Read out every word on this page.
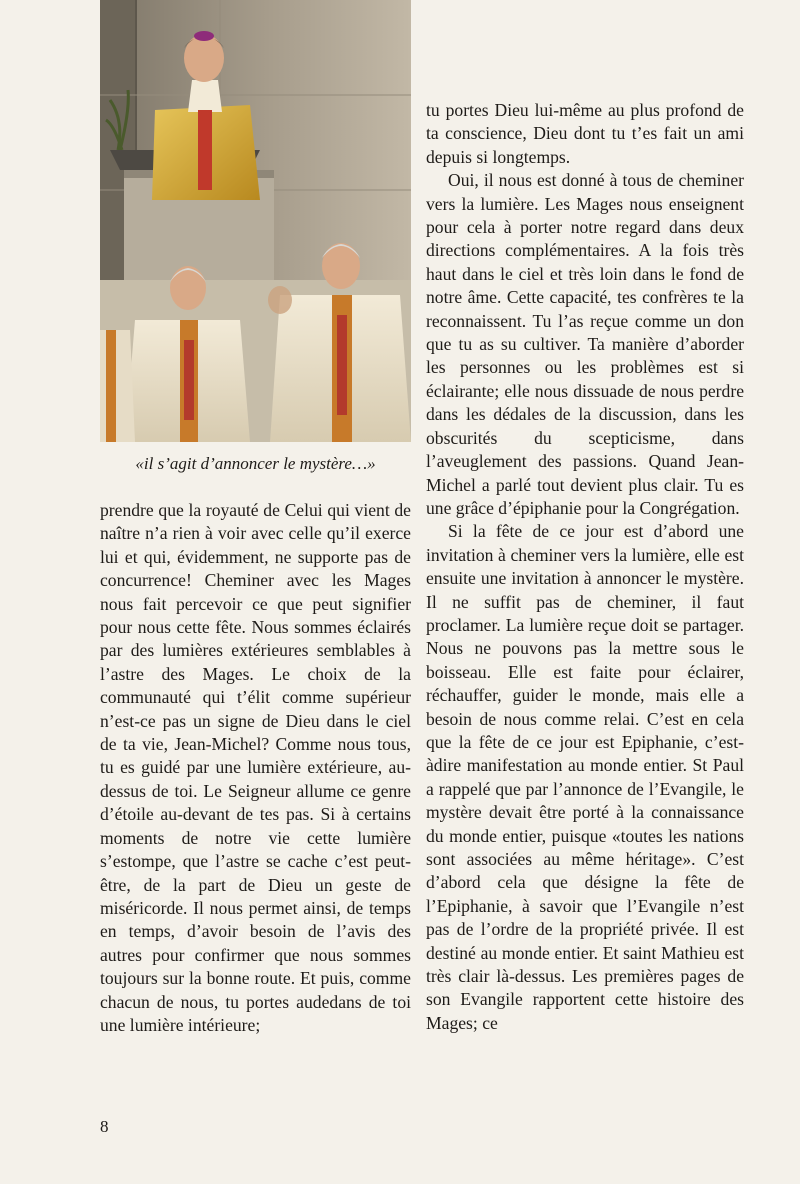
«il s’agit d’annoncer le mystère…»

prendre que la royauté de Celui qui vient de naître n’a rien à voir avec celle qu’il exerce lui et qui, évidemment, ne supporte pas de concurrence! Cheminer avec les Mages nous fait percevoir ce que peut signifier pour nous cette fête. Nous sommes éclairés par des lumières extérieures semblables à l’astre des Mages. Le choix de la communauté qui t’élit comme supérieur n’est-ce pas un signe de Dieu dans le ciel de ta vie, Jean-Michel? Comme nous tous, tu es guidé par une lumière extérieure, au-dessus de toi. Le Seigneur allume ce genre d’étoile au-devant de tes pas. Si à certains moments de notre vie cette lumière s’estompe, que l’astre se cache c’est peut-être, de la part de Dieu un geste de miséricorde. Il nous permet ainsi, de temps en temps, d’avoir besoin de l’avis des autres pour confirmer que nous sommes toujours sur la bonne route. Et puis, comme chacun de nous, tu portes audedans de toi une lumière intérieure;

tu portes Dieu lui-même au plus profond de ta conscience, Dieu dont tu t’es fait un ami depuis si longtemps.

Oui, il nous est donné à tous de cheminer vers la lumière. Les Mages nous enseignent pour cela à porter notre regard dans deux directions complémentaires. A la fois très haut dans le ciel et très loin dans le fond de notre âme. Cette capacité, tes confrères te la reconnaissent. Tu l’as reçue comme un don que tu as su cultiver. Ta manière d’aborder les personnes ou les problèmes est si éclairante; elle nous dissuade de nous perdre dans les dédales de la discussion, dans les obscurités du scepticisme, dans l’aveuglement des passions. Quand Jean-Michel a parlé tout devient plus clair. Tu es une grâce d’épiphanie pour la Congrégation.

Si la fête de ce jour est d’abord une invitation à cheminer vers la lumière, elle est ensuite une invitation à annoncer le mystère. Il ne suffit pas de cheminer, il faut proclamer. La lumière reçue doit se partager. Nous ne pouvons pas la mettre sous le boisseau. Elle est faite pour éclairer, réchauffer, guider le monde, mais elle a besoin de nous comme relai. C’est en cela que la fête de ce jour est Epiphanie, c’est-àdire manifestation au monde entier. St Paul a rappelé que par l’annonce de l’Evangile, le mystère devait être porté à la connaissance du monde entier, puisque «toutes les nations sont associées au même héritage». C’est d’abord cela que désigne la fête de l’Epiphanie, à savoir que l’Evangile n’est pas de l’ordre de la propriété privée. Il est destiné au monde entier. Et saint Mathieu est très clair là-dessus. Les premières pages de son Evangile rapportent cette histoire des Mages; ce

8
